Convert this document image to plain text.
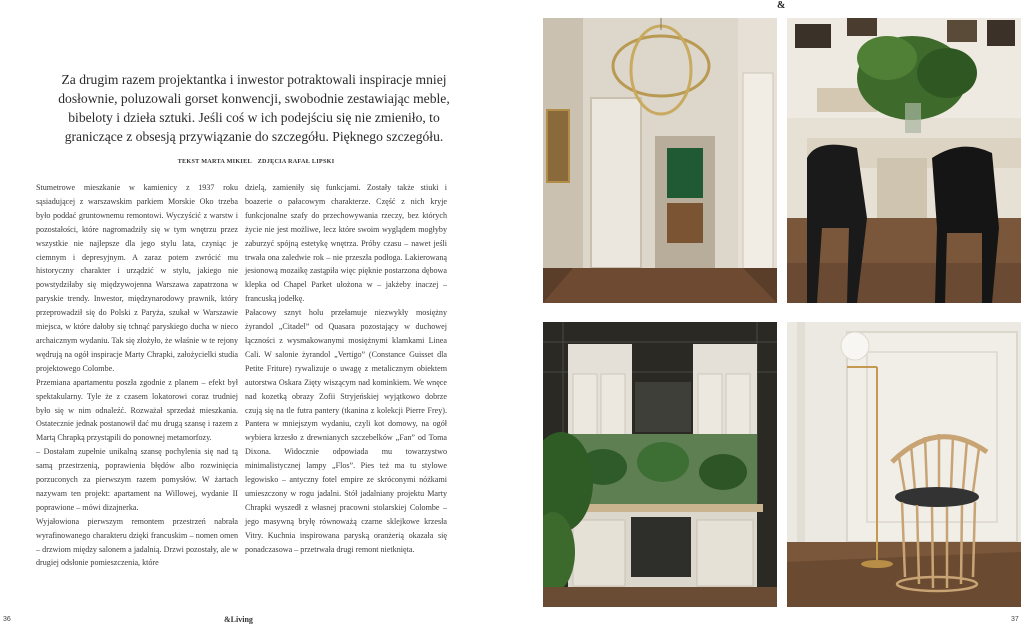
Za drugim razem projektantka i inwestor potraktowali inspiracje mniej dosłownie, poluzowali gorset konwencji, swobodnie zestawiając meble, bibeloty i dzieła sztuki. Jeśli coś w ich podejściu się nie zmieniło, to graniczące z obsesją przywiązanie do szczegółu. Pięknego szczegółu.

TEKST MARTA MIKIEL ZDJĘCIA RAFAŁ LIPSKI

Stumetrowe mieszkanie w kamienicy z 1937 roku sąsiadującej z warszawskim parkiem Morskie Oko trzeba było poddać gruntownemu remontowi. Wyczyścić z warstw i pozostałości, które nagromadziły się w tym wnętrzu przez wszystkie nie najlepsze dla jego stylu lata, czyniąc je ciemnym i depresyjnym. A zaraz potem zwrócić mu historyczny charakter i urządzić w stylu, jakiego nie powstydziłaby się międzywojenna Warszawa zapatrzona w paryskie trendy. Inwestor, międzynarodowy prawnik, który przeprowadził się do Polski z Paryża, szukał w Warszawie miejsca, w które dałoby się tchnąć paryskiego ducha w nieco archaicznym wydaniu. Tak się złożyło, że właśnie w te rejony wędrują na ogół inspiracje Marty Chrapki, założycielki studia projektowego Colombe.

Przemiana apartamentu poszła zgodnie z planem – efekt był spektakularny. Tyle że z czasem lokatorowi coraz trudniej było się w nim odnaleźć. Rozważał sprzedaż mieszkania. Ostatecznie jednak postanowił dać mu drugą szansę i razem z Martą Chrapką przystąpili do ponownej metamorfozy.

– Dostałam zupełnie unikalną szansę pochylenia się nad tą samą przestrzenią, poprawienia błędów albo rozwinięcia porzuconych za pierwszym razem pomysłów. W żartach nazywam ten projekt: apartament na Willowej, wydanie II poprawione – mówi dizajnerka.

Wyjałowiona pierwszym remontem przestrzeń nabrała wyrafinowanego charakteru dzięki francuskim – nomen omen – drzwiom między salonem a jadalnią. Drzwi pozostały, ale w drugiej odsłonie pomieszczenia, które

dzielą, zamieniły się funkcjami. Zostały także stiuki i boazerie o pałacowym charakterze. Część z nich kryje funkcjonalne szafy do przechowywania rzeczy, bez których życie nie jest możliwe, lecz które swoim wyglądem mogłyby zaburzyć spójną estetykę wnętrza. Próby czasu – nawet jeśli trwała ona zaledwie rok – nie przeszła podłoga. Lakierowaną jesionową mozaikę zastąpiła więc pięknie postarzona dębowa klepka od Chapel Parket ułożona w – jakżeby inaczej – francuską jodełkę.

Pałacowy sznyt holu przełamuje niezwykły mosiężny żyrandol „Citadel” od Quasara pozostający w duchowej łączności z wysmakowanymi mosiężnymi klamkami Linea Cali. W salonie żyrandol „Vertigo” (Constance Guisset dla Petite Friture) rywalizuje o uwagę z metalicznym obiektem autorstwa Oskara Zięty wiszącym nad kominkiem. We wnęce nad kozetką obrazy Zofii Stryjeńskiej wyjątkowo dobrze czują się na tle futra pantery (tkanina z kolekcji Pierre Frey). Panterа w mniejszym wydaniu, czyli kot domowy, na ogół wybiera krzesło z drewnianych szczebelków „Fan” od Toma Dixona. Widocznie odpowiada mu towarzystwo minimalistycznej lampy „Flos”. Pies też ma tu stylowe legowisko – antyczny fotel empire ze skróconymi nóżkami umieszczony w rogu jadalni. Stół jadalniany projektu Marty Chrapki wyszedł z własnej pracowni stolarskiej Colombe – jego masywną bryłę równoważą czarne sklejkowe krzesła Vitry. Kuchnia inspirowana paryską oranżerią okazała się ponadczasowa – przetrwała drugi remont nietknięta.

36	&Living
&
37
